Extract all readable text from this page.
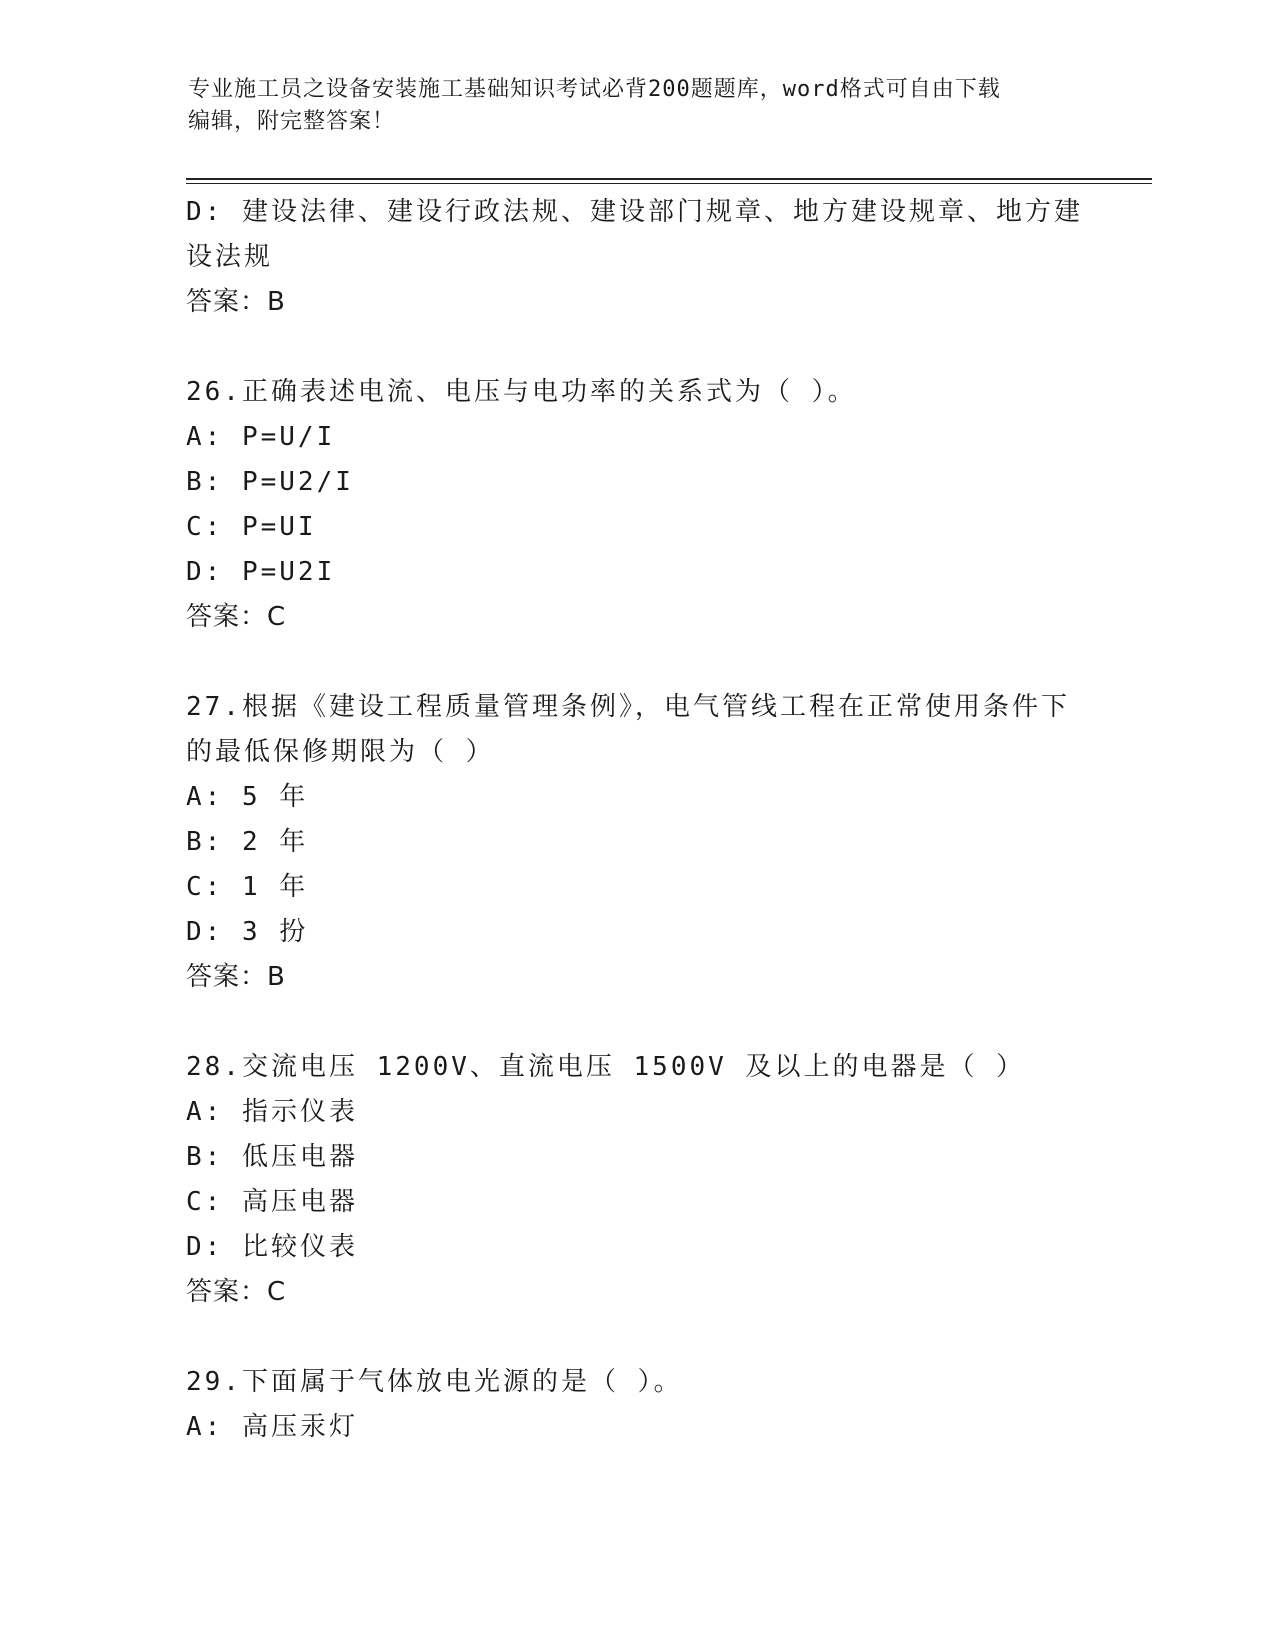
专业施工员之设备安装施工基础知识考试必背200题题库，word格式可自由下载
编辑，附完整答案！
D: 建设法律、建设行政法规、建设部门规章、地方建设规章、地方建
设法规
答案：B
26.正确表述电流、电压与电功率的关系式为（ ）。
A: P=U/I
B: P=U2/I
C: P=UI
D: P=U2I
答案：C
27.根据《建设工程质量管理条例》，电气管线工程在正常使用条件下
的最低保修期限为（ ）
A: 5 年
B: 2 年
C: 1 年
D: 3 扮
答案：B
28.交流电压 1200V、直流电压 1500V 及以上的电器是（ ）
A: 指示仪表
B: 低压电器
C: 高压电器
D: 比较仪表
答案：C
29.下面属于气体放电光源的是（ ）。
A: 高压汞灯
